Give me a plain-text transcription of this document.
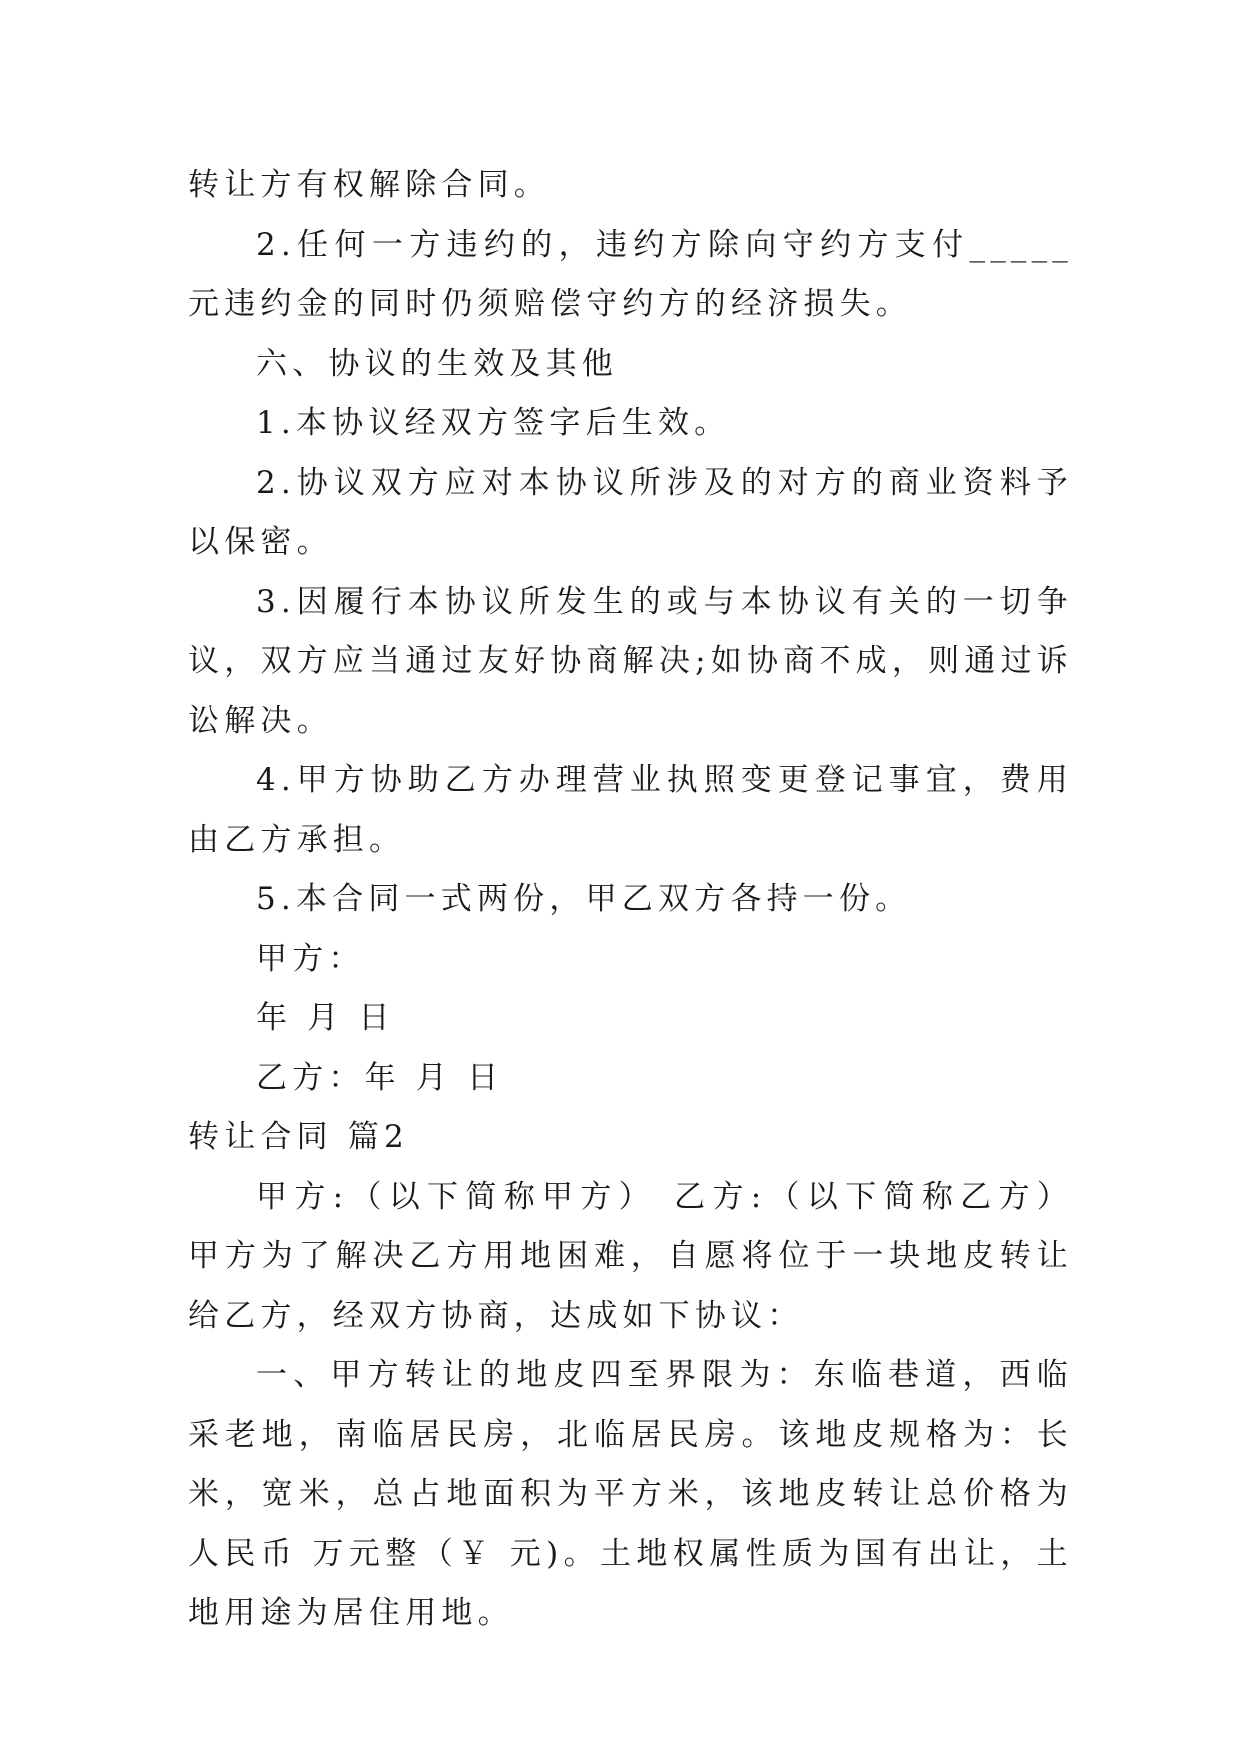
转让方有权解除合同。

2.任何一方违约的，违约方除向守约方支付_____元违约金的同时仍须赔偿守约方的经济损失。

六、协议的生效及其他

1.本协议经双方签字后生效。

2.协议双方应对本协议所涉及的对方的商业资料予以保密。

3.因履行本协议所发生的或与本协议有关的一切争议，双方应当通过友好协商解决;如协商不成，则通过诉讼解决。

4.甲方协助乙方办理营业执照变更登记事宜，费用由乙方承担。

5.本合同一式两份，甲乙双方各持一份。

甲方：

年 月 日

乙方：年 月 日

转让合同 篇2

甲方:（以下简称甲方） 乙方:（以下简称乙方） 甲方为了解决乙方用地困难，自愿将位于一块地皮转让给乙方，经双方协商，达成如下协议：

一、甲方转让的地皮四至界限为：东临巷道，西临采老地，南临居民房，北临居民房。该地皮规格为：长米，宽米，总占地面积为平方米，该地皮转让总价格为人民币 万元整（￥ 元)。土地权属性质为国有出让，土地用途为居住用地。
